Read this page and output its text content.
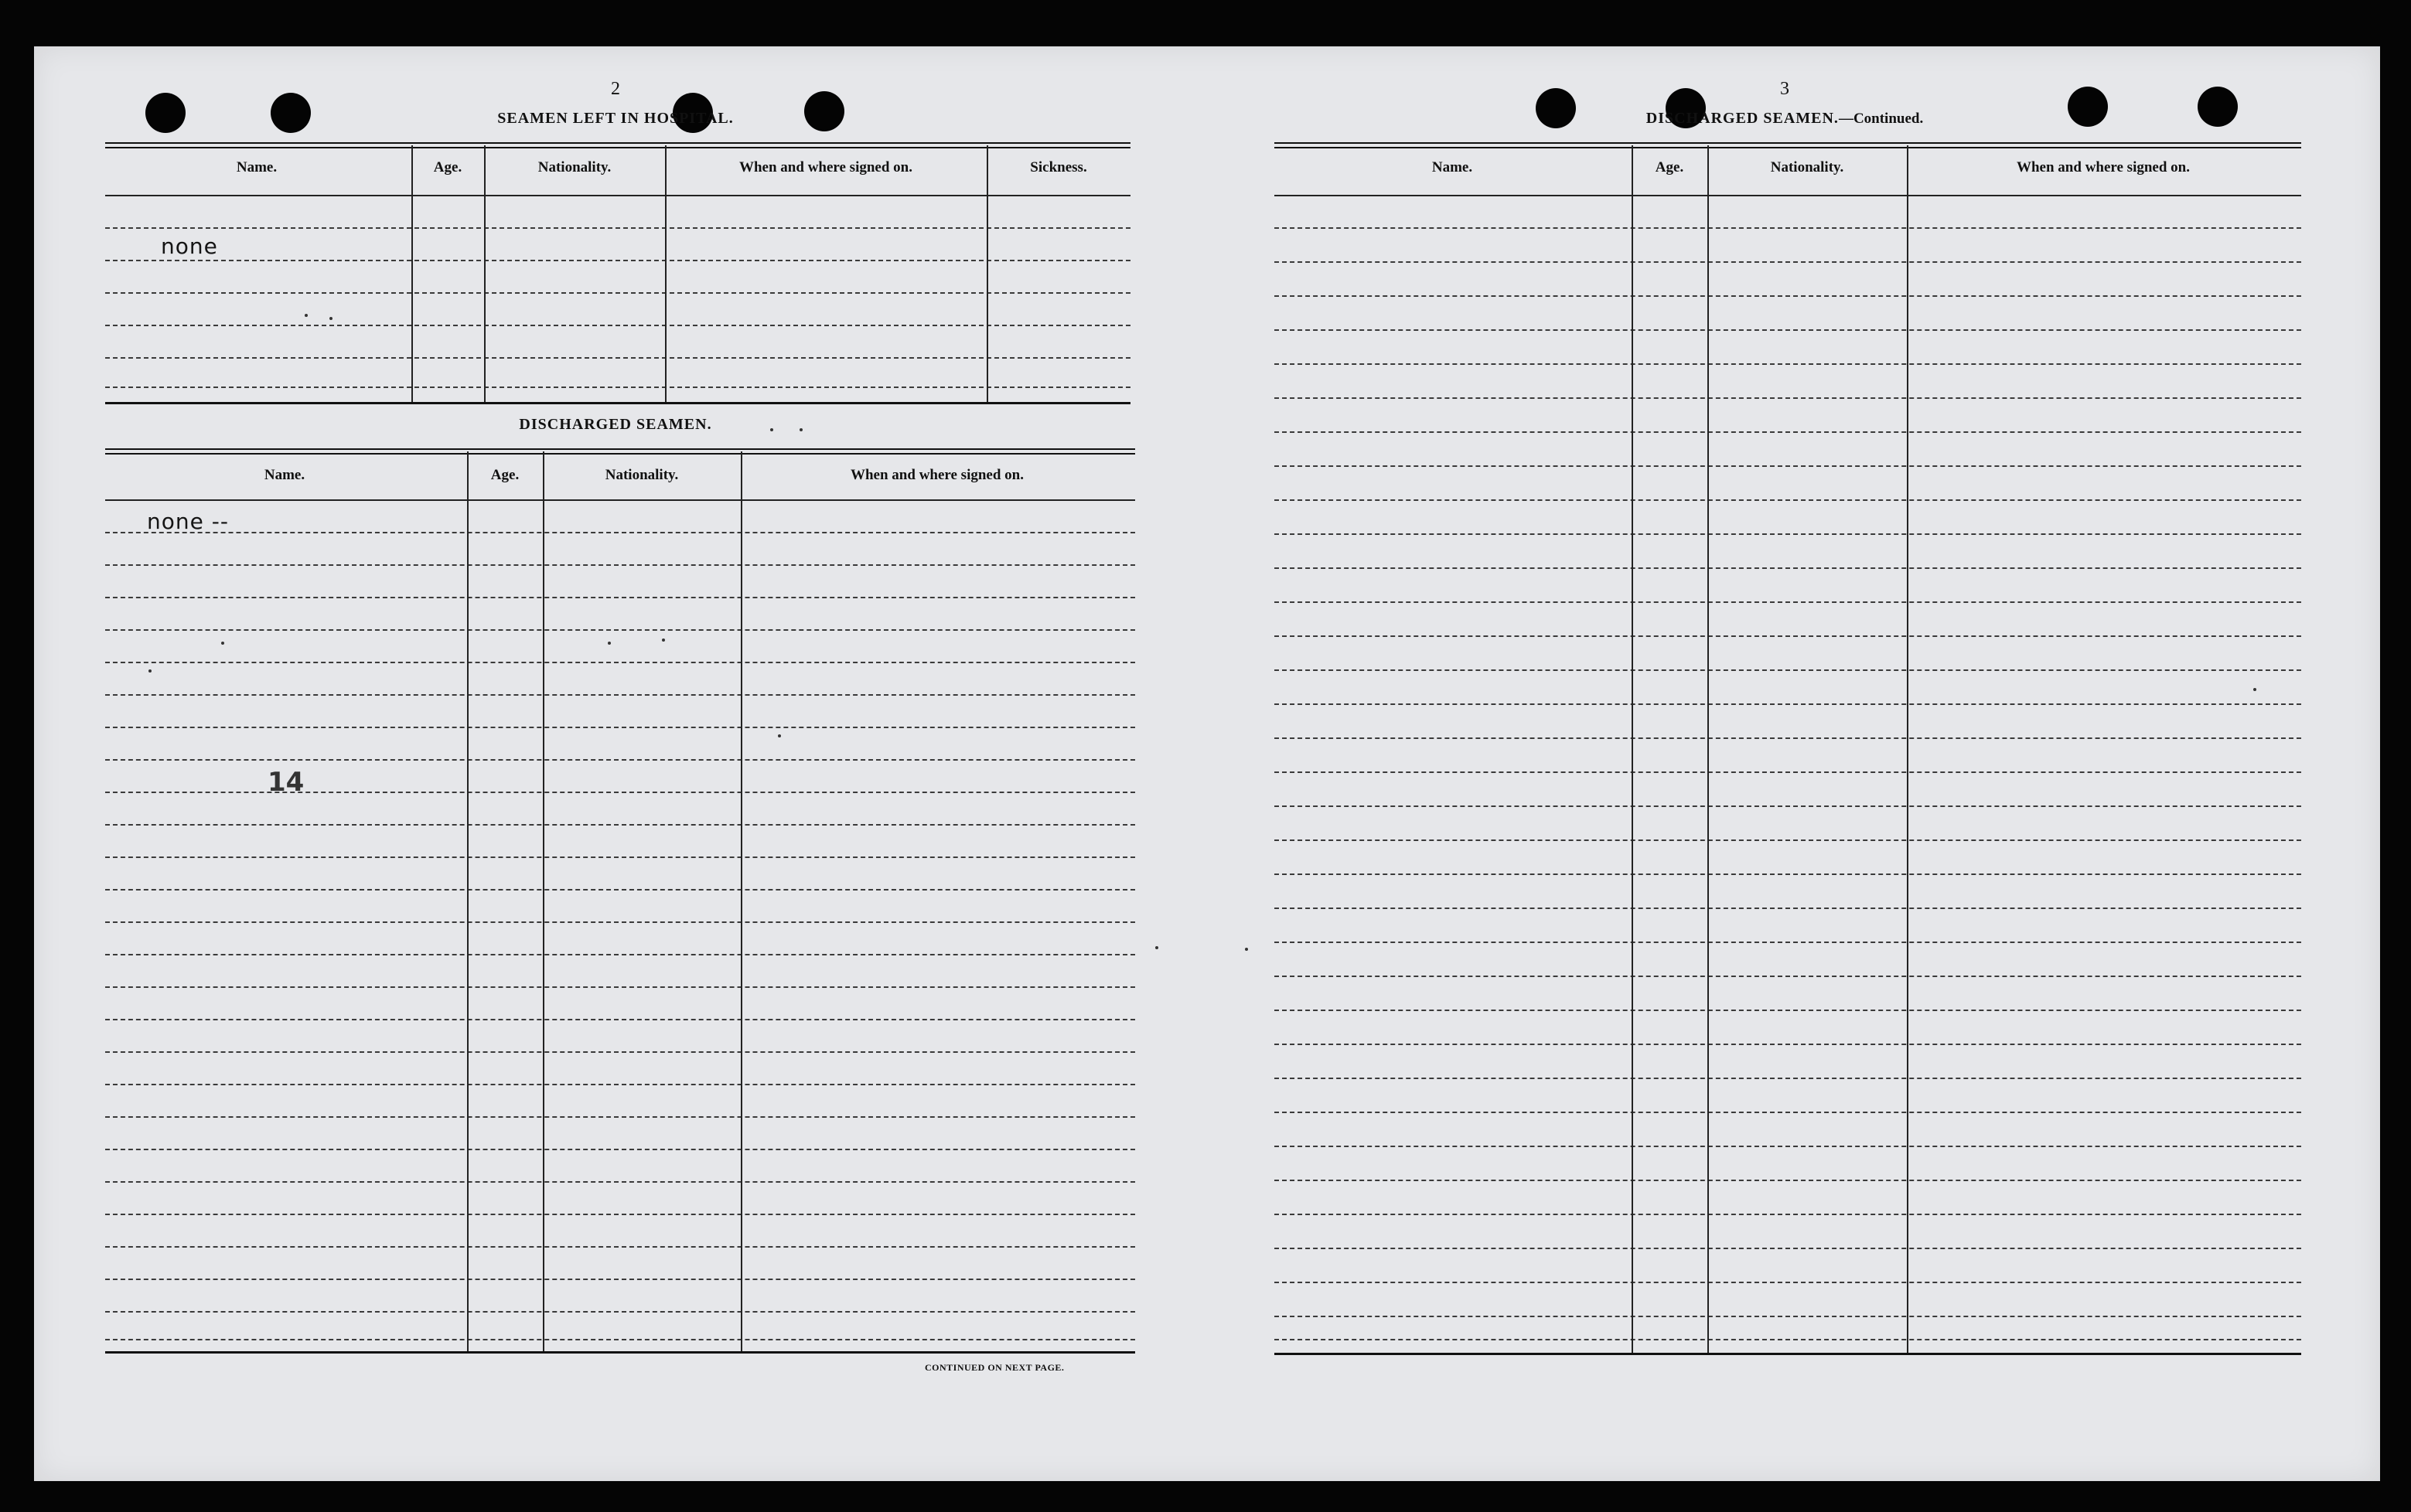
2
SEAMEN LEFT IN HOSPITAL.
Name.	Age.	Nationality.	When and where signed on.	Sickness.
none
DISCHARGED SEAMEN.
Name.	Age.	Nationality.	When and where signed on.
none --
14
CONTINUED ON NEXT PAGE.
3
DISCHARGED SEAMEN.—Continued.
Name.	Age.	Nationality.	When and where signed on.
